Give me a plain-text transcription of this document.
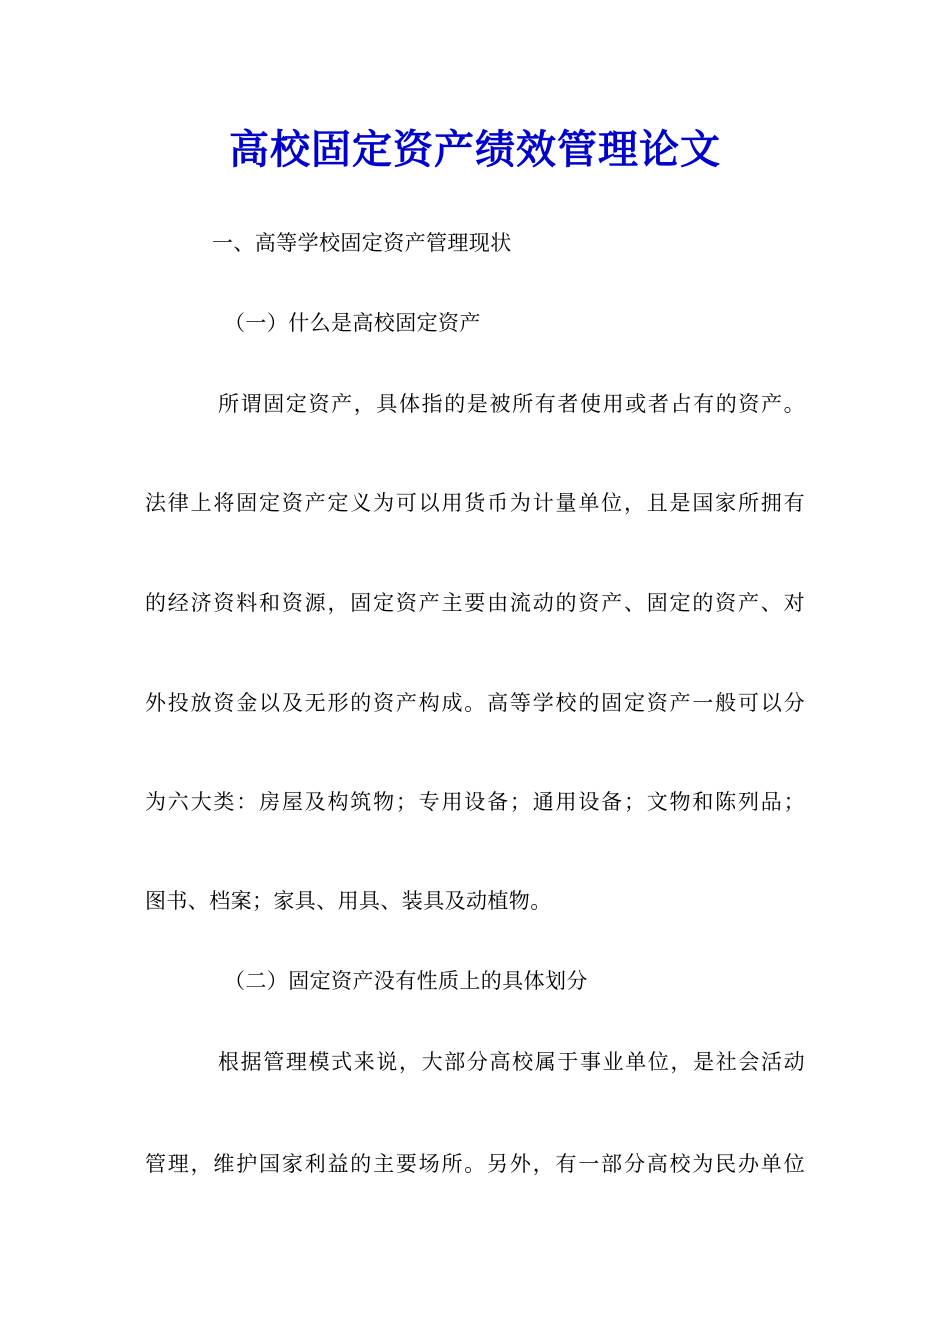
高校固定资产绩效管理论文
一、高等学校固定资产管理现状
（一）什么是高校固定资产
所谓固定资产，具体指的是被所有者使用或者占有的资产。
法律上将固定资产定义为可以用货币为计量单位，且是国家所拥有
的经济资料和资源，固定资产主要由流动的资产、固定的资产、对
外投放资金以及无形的资产构成。高等学校的固定资产一般可以分
为六大类：房屋及构筑物；专用设备；通用设备；文物和陈列品；
图书、档案；家具、用具、装具及动植物。
（二）固定资产没有性质上的具体划分
根据管理模式来说，大部分高校属于事业单位，是社会活动
管理，维护国家利益的主要场所。另外，有一部分高校为民办单位
